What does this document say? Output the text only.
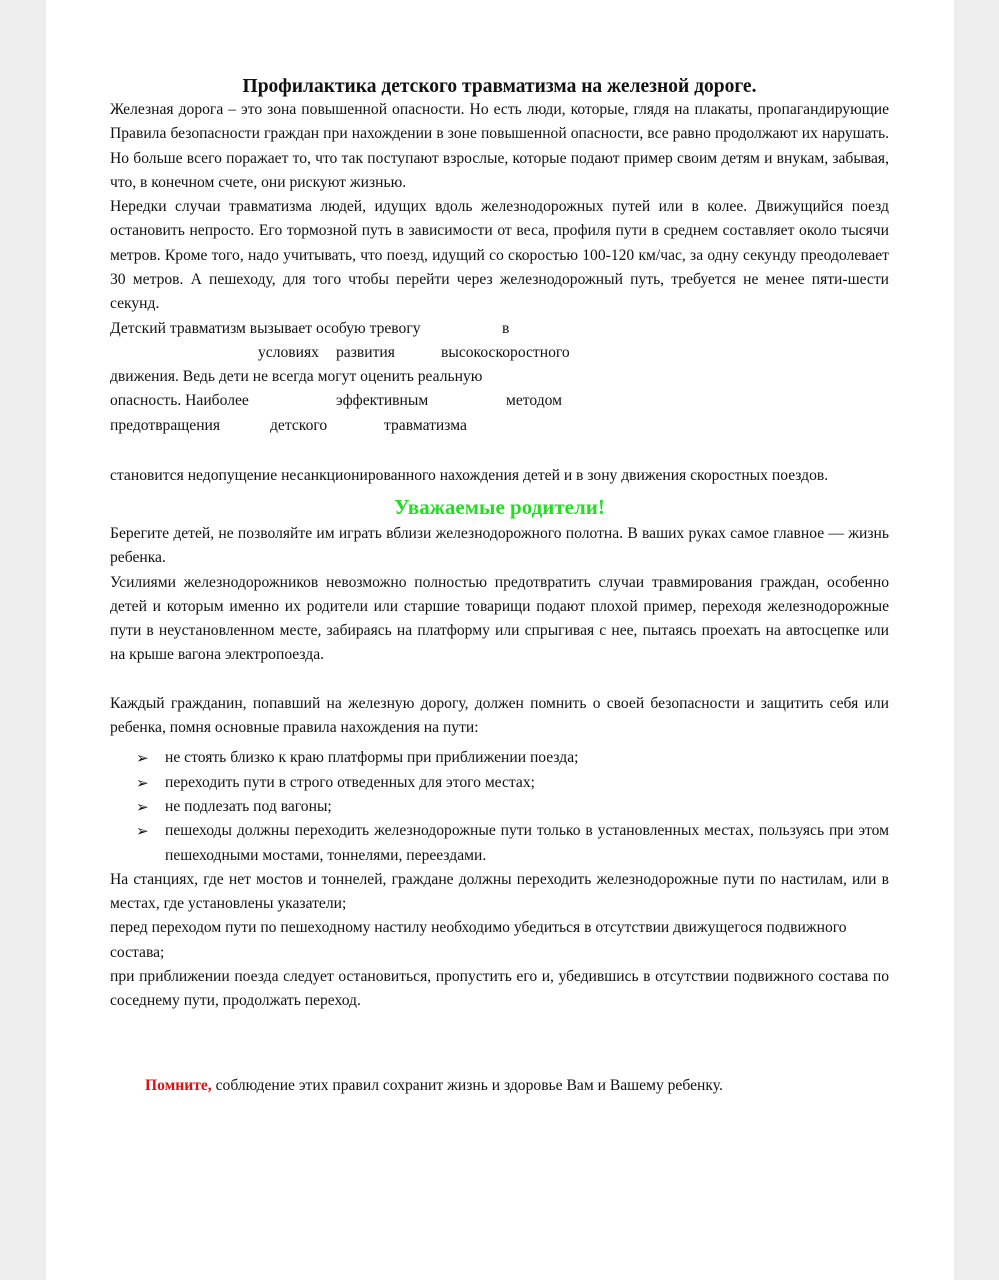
Профилактика детского травматизма на железной дороге.

Железная дорога – это зона повышенной опасности. Но есть люди, которые, глядя на плакаты, пропагандирующие Правила безопасности граждан при нахождении в зоне повышенной опасности, все равно продолжают их нарушать. Но больше всего поражает то, что так поступают взрослые, которые подают пример своим детям и внукам, забывая, что, в конечном счете, они рискуют жизнью.

Нередки случаи травматизма людей, идущих вдоль железнодорожных путей или в колее. Движущийся поезд остановить непросто. Его тормозной путь в зависимости от веса, профиля пути в среднем составляет около тысячи метров. Кроме того, надо учитывать, что поезд, идущий со скоростью 100-120 км/час, за одну секунду преодолевает 30 метров. А пешеходу, для того чтобы перейти через железнодорожный путь, требуется не менее пяти-шести секунд.

Детский травматизм вызывает особую тревогу	в
условиях развития	высокоскоростного
движения. Ведь дети не всегда могут оценить реальную
опасность. Наиболее	эффективным	методом
предотвращения	детского	травматизма

становится недопущение несанкционированного нахождения детей и в зону движения скоростных поездов.

Уважаемые родители!

Берегите детей, не позволяйте им играть вблизи железнодорожного полотна. В ваших руках самое главное — жизнь ребенка.

Усилиями железнодорожников невозможно полностью предотвратить случаи травмирования граждан, особенно детей и которым именно их родители или старшие товарищи подают плохой пример, переходя железнодорожные пути в неустановленном месте, забираясь на платформу или спрыгивая с нее, пытаясь проехать на автосцепке или на крыше вагона электропоезда.

Каждый гражданин, попавший на железную дорогу, должен помнить о своей безопасности и защитить себя или ребенка, помня основные правила нахождения на пути:

➢ не стоять близко к краю платформы при приближении поезда;
➢ переходить пути в строго отведенных для этого местах;
➢ не подлезать под вагоны;
➢ пешеходы должны переходить железнодорожные пути только в установленных местах, пользуясь при этом пешеходными мостами, тоннелями, переездами.

На станциях, где нет мостов и тоннелей, граждане должны переходить железнодорожные пути по настилам, или в местах, где установлены указатели;

перед переходом пути по пешеходному настилу необходимо убедиться в отсутствии движущегося подвижного состава;

при приближении поезда следует остановиться, пропустить его и, убедившись в отсутствии подвижного состава по соседнему пути, продолжать переход.

Помните, соблюдение этих правил сохранит жизнь и здоровье Вам и Вашему ребенку.
